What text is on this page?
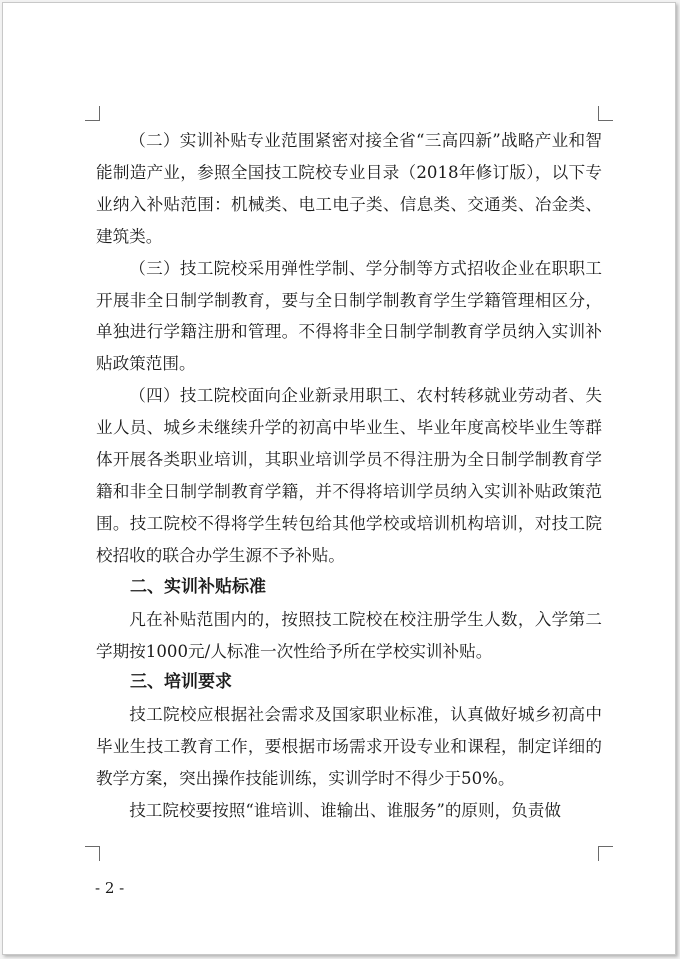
（二）实训补贴专业范围紧密对接全省“三高四新”战略产业和智能制造产业，参照全国技工院校专业目录（2018年修订版），以下专业纳入补贴范围：机械类、电工电子类、信息类、交通类、冶金类、建筑类。

（三）技工院校采用弹性学制、学分制等方式招收企业在职职工开展非全日制学制教育，要与全日制学制教育学生学籍管理相区分，单独进行学籍注册和管理。不得将非全日制学制教育学员纳入实训补贴政策范围。

（四）技工院校面向企业新录用职工、农村转移就业劳动者、失业人员、城乡未继续升学的初高中毕业生、毕业年度高校毕业生等群体开展各类职业培训，其职业培训学员不得注册为全日制学制教育学籍和非全日制学制教育学籍，并不得将培训学员纳入实训补贴政策范围。技工院校不得将学生转包给其他学校或培训机构培训，对技工院校招收的联合办学生源不予补贴。

二、实训补贴标准

凡在补贴范围内的，按照技工院校在校注册学生人数，入学第二学期按1000元/人标准一次性给予所在学校实训补贴。

三、培训要求

技工院校应根据社会需求及国家职业标准，认真做好城乡初高中毕业生技工教育工作，要根据市场需求开设专业和课程，制定详细的教学方案，突出操作技能训练，实训学时不得少于50%。

技工院校要按照“谁培训、谁输出、谁服务”的原则，负责做

- 2 -
